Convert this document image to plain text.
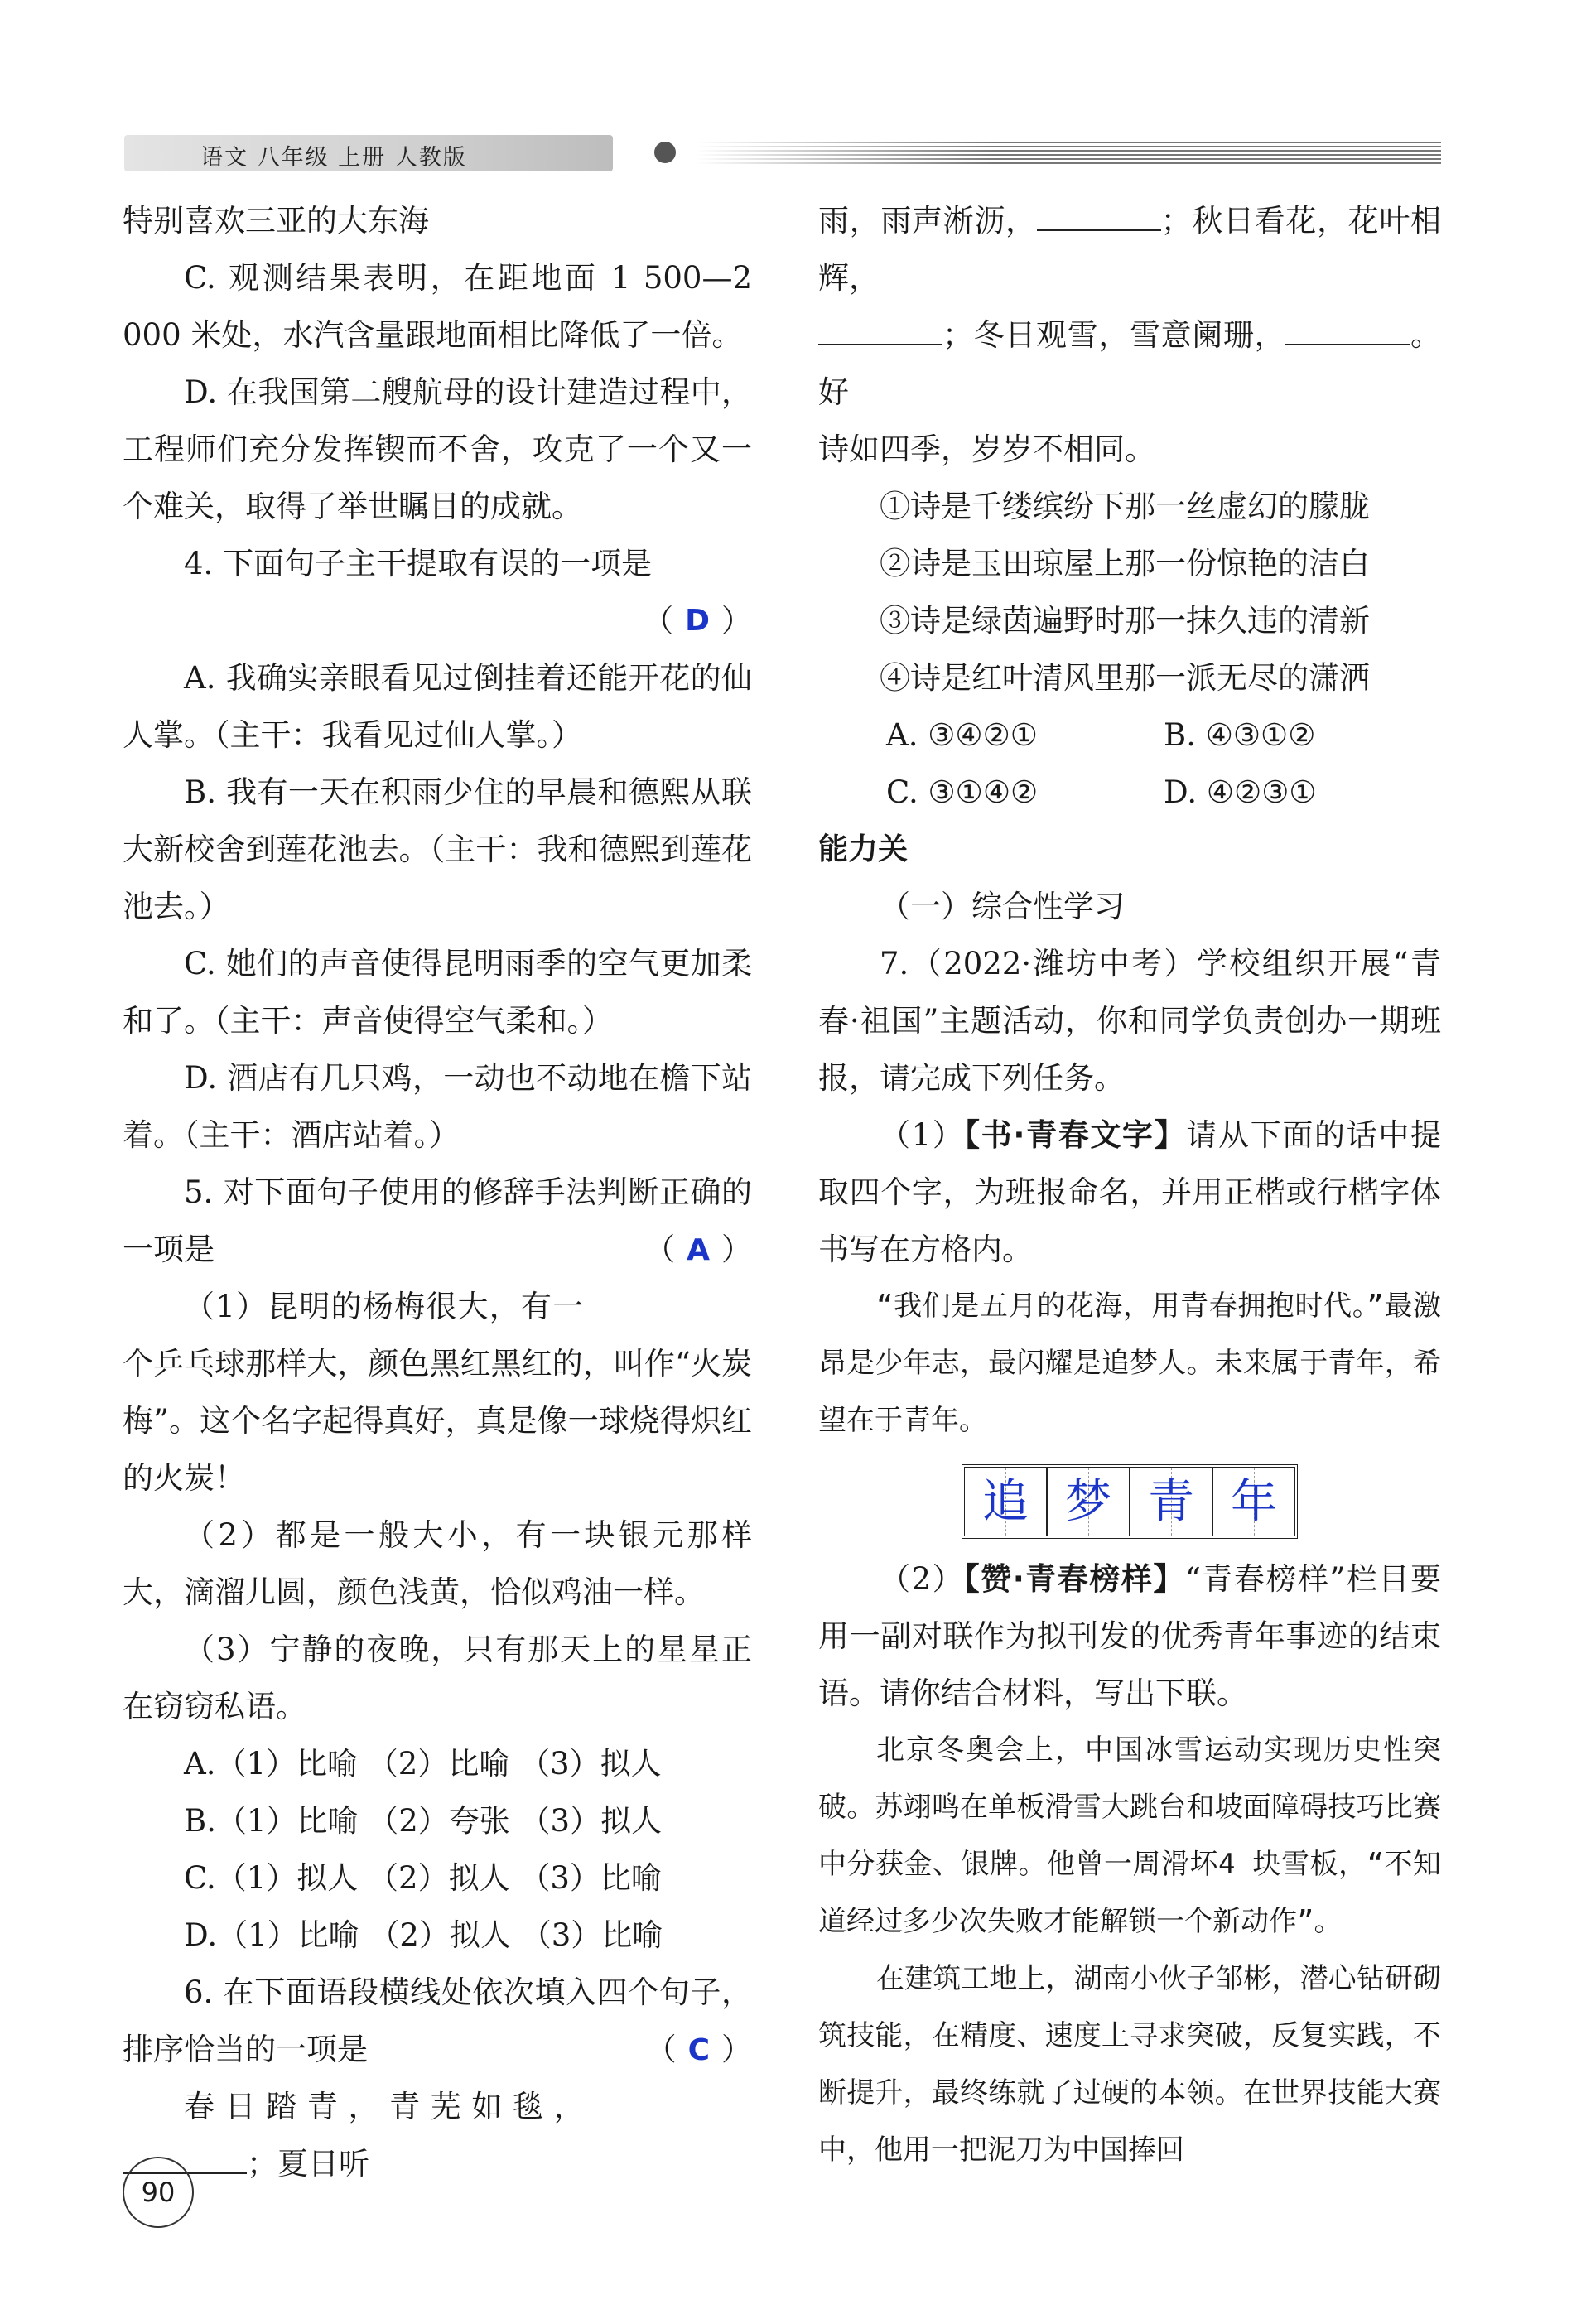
语文 八年级 上册 人教版

特别喜欢三亚的大东海

C. 观测结果表明，在距地面 1 500—2 000 米处，水汽含量跟地面相比降低了一倍。

D. 在我国第二艘航母的设计建造过程中，工程师们充分发挥锲而不舍，攻克了一个又一个难关，取得了举世瞩目的成就。

4. 下面句子主干提取有误的一项是

（ D ）

A. 我确实亲眼看见过倒挂着还能开花的仙人掌。（主干：我看见过仙人掌。）

B. 我有一天在积雨少住的早晨和德熙从联大新校舍到莲花池去。（主干：我和德熙到莲花池去。）

C. 她们的声音使得昆明雨季的空气更加柔和了。（主干：声音使得空气柔和。）

D. 酒店有几只鸡，一动也不动地在檐下站着。（主干：酒店站着。）

5. 对下面句子使用的修辞手法判断正确的一项是	（ A ）

（1）昆明的杨梅很大，有一个乒乓球那样大，颜色黑红黑红的，叫作“火炭梅”。这个名字起得真好，真是像一球烧得炽红的火炭！

（2）都是一般大小，有一块银元那样大，滴溜儿圆，颜色浅黄，恰似鸡油一样。

（3）宁静的夜晚，只有那天上的星星正在窃窃私语。

A.（1）比喻 （2）比喻 （3）拟人

B.（1）比喻 （2）夸张 （3）拟人

C.（1）拟人 （2）拟人 （3）比喻

D.（1）比喻 （2）拟人 （3）比喻

6. 在下面语段横线处依次填入四个句子，排序恰当的一项是	（ C ）

春日踏青，青芜如毯，；夏日听

雨，雨声淅沥，	；秋日看花，花叶相辉，

；冬日观雪，雪意阑珊，	。好

诗如四季，岁岁不相同。

①诗是千缕缤纷下那一丝虚幻的朦胧

②诗是玉田琼屋上那一份惊艳的洁白

③诗是绿茵遍野时那一抹久违的清新

④诗是红叶清风里那一派无尽的潇洒

A. ③④②①	B. ④③①②
C. ③①④②	D. ④②③①

能力关

（一）综合性学习

7.（2022·潍坊中考）学校组织开展“青春·祖国”主题活动，你和同学负责创办一期班报，请完成下列任务。

（1）【书·青春文字】请从下面的话中提取四个字，为班报命名，并用正楷或行楷字体书写在方格内。

“我们是五月的花海，用青春拥抱时代。”最激昂是少年志，最闪耀是追梦人。未来属于青年，希望在于青年。

追 梦 青 年

（2）【赞·青春榜样】“青春榜样”栏目要用一副对联作为拟刊发的优秀青年事迹的结束语。请你结合材料，写出下联。

北京冬奥会上，中国冰雪运动实现历史性突破。苏翊鸣在单板滑雪大跳台和坡面障碍技巧比赛中分获金、银牌。他曾一周滑坏4 块雪板，“不知道经过多少次失败才能解锁一个新动作”。

在建筑工地上，湖南小伙子邹彬，潜心钻研砌筑技能，在精度、速度上寻求突破，反复实践，不断提升，最终练就了过硬的本领。在世界技能大赛中，他用一把泥刀为中国捧回

90
